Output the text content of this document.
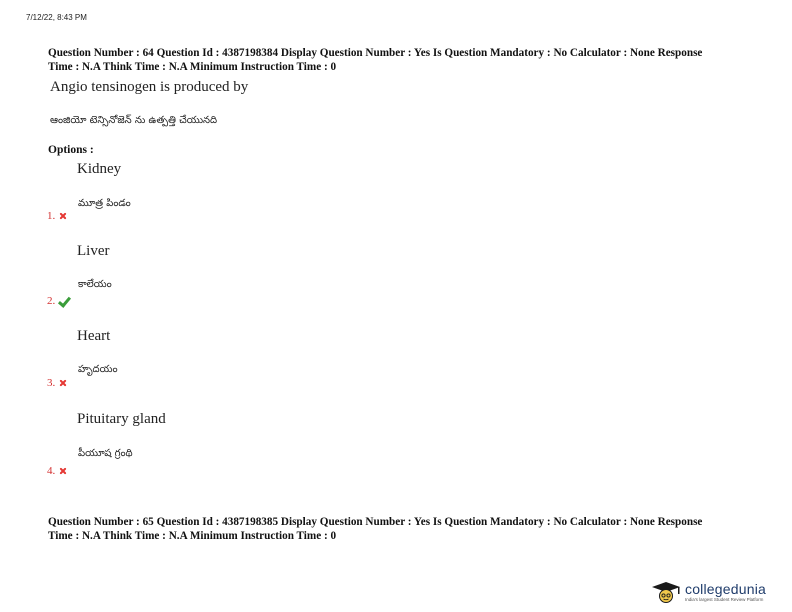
7/12/22, 8:43 PM
Question Number : 64 Question Id : 4387198384 Display Question Number : Yes Is Question Mandatory : No Calculator : None Response
Time : N.A Think Time : N.A Minimum Instruction Time : 0
Angio tensinogen is produced by
ఆంజియో టెన్సినోజెన్ ను ఉత్పత్తి చేయునది
Options :
Kidney
మూత్ర పిండం
1.
Liver
కాలేయం
2.
Heart
హృదయం
3.
Pituitary gland
పీయూష గ్రంథి
4.
Question Number : 65 Question Id : 4387198385 Display Question Number : Yes Is Question Mandatory : No Calculator : None Response
Time : N.A Think Time : N.A Minimum Instruction Time : 0
collegedunia
India's largest Student Review Platform
